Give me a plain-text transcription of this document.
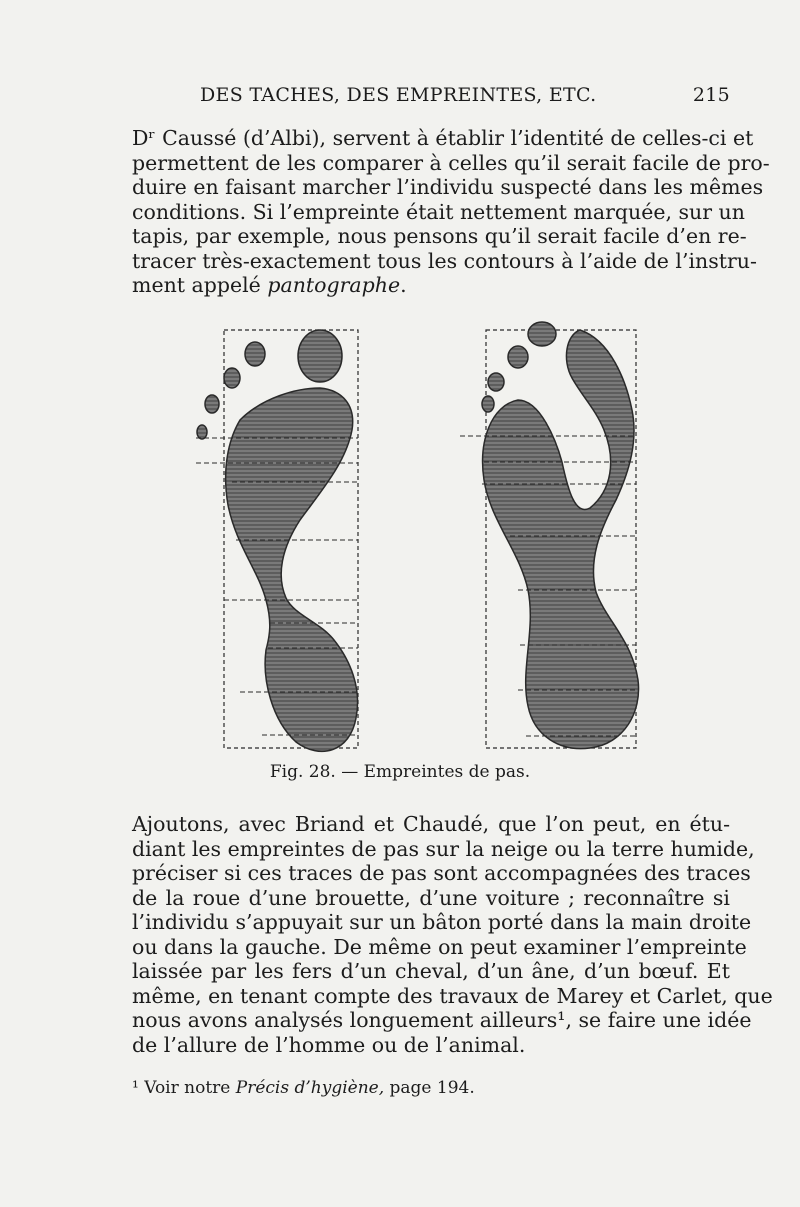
DES TACHES, DES EMPREINTES, ETC.	215
Dʳ Caussé (d’Albi), servent à établir l’identité de celles-ci et
permettent de les comparer à celles qu’il serait facile de pro-
duire en faisant marcher l’individu suspecté dans les mêmes
conditions. Si l’empreinte était nettement marquée, sur un
tapis, par exemple, nous pensons qu’il serait facile d’en re-
tracer très-exactement tous les contours à l’aide de l’instru-
ment appelé pantographe.
Fig. 28. — Empreintes de pas.
Ajoutons, avec Briand et Chaudé, que l’on peut, en étu-
diant les empreintes de pas sur la neige ou la terre humide,
préciser si ces traces de pas sont accompagnées des traces
de la roue d’une brouette, d’une voiture ; reconnaître si
l’individu s’appuyait sur un bâton porté dans la main droite
ou dans la gauche. De même on peut examiner l’empreinte
laissée par les fers d’un cheval, d’un âne, d’un bœuf. Et
même, en tenant compte des travaux de Marey et Carlet, que
nous avons analysés longuement ailleurs¹, se faire une idée
de l’allure de l’homme ou de l’animal.
¹ Voir notre Précis d’hygiène, page 194.
